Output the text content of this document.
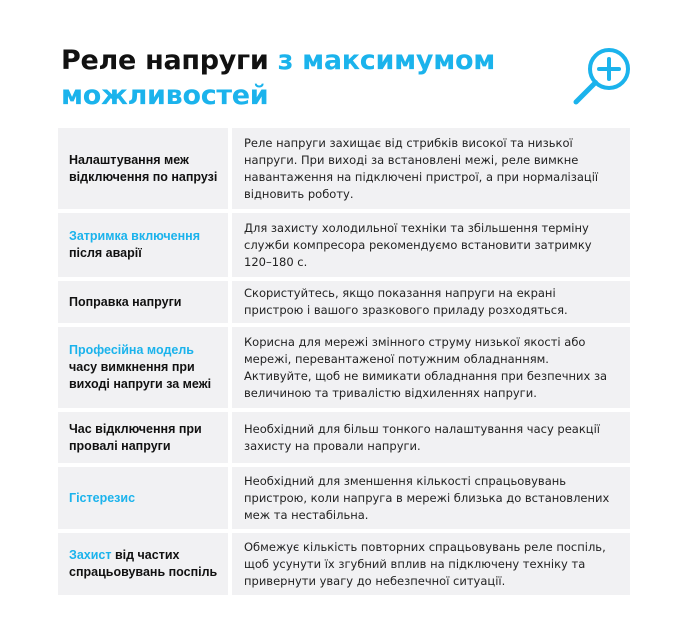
Реле напруги з максимумом можливостей
Налаштування меж відключення по напрузі
Реле напруги захищає від стрибків високої та низької напруги. При виході за встановлені межі, реле вимкне навантаження на підключені пристрої, а при нормалізації відновить роботу.
Затримка включення
після аварії
Для захисту холодильної техніки та збільшення терміну служби компресора рекомендуємо встановити затримку 120–180 с.
Поправка напруги
Скористуйтесь, якщо показання напруги на екрані пристрою і вашого зразкового приладу розходяться.
Професійна модель
часу вимкнення при виході напруги за межі
Корисна для мережі змінного струму низької якості або мережі, перевантаженої потужним обладнанням. Активуйте, щоб не вимикати обладнання при безпечних за величиною та тривалістю відхиленнях напруги.
Час відключення при провалі напруги
Необхідний для більш тонкого налаштування часу реакції захисту на провали напруги.
Гістерезис
Необхідний для зменшення кількості спрацьовувань пристрою, коли напруга в мережі близька до встановлених меж та нестабільна.
Захист від частих спрацьовувань поспіль
Обмежує кількість повторних спрацьовувань реле поспіль, щоб усунути їх згубний вплив на підключену техніку та привернути увагу до небезпечної ситуації.
